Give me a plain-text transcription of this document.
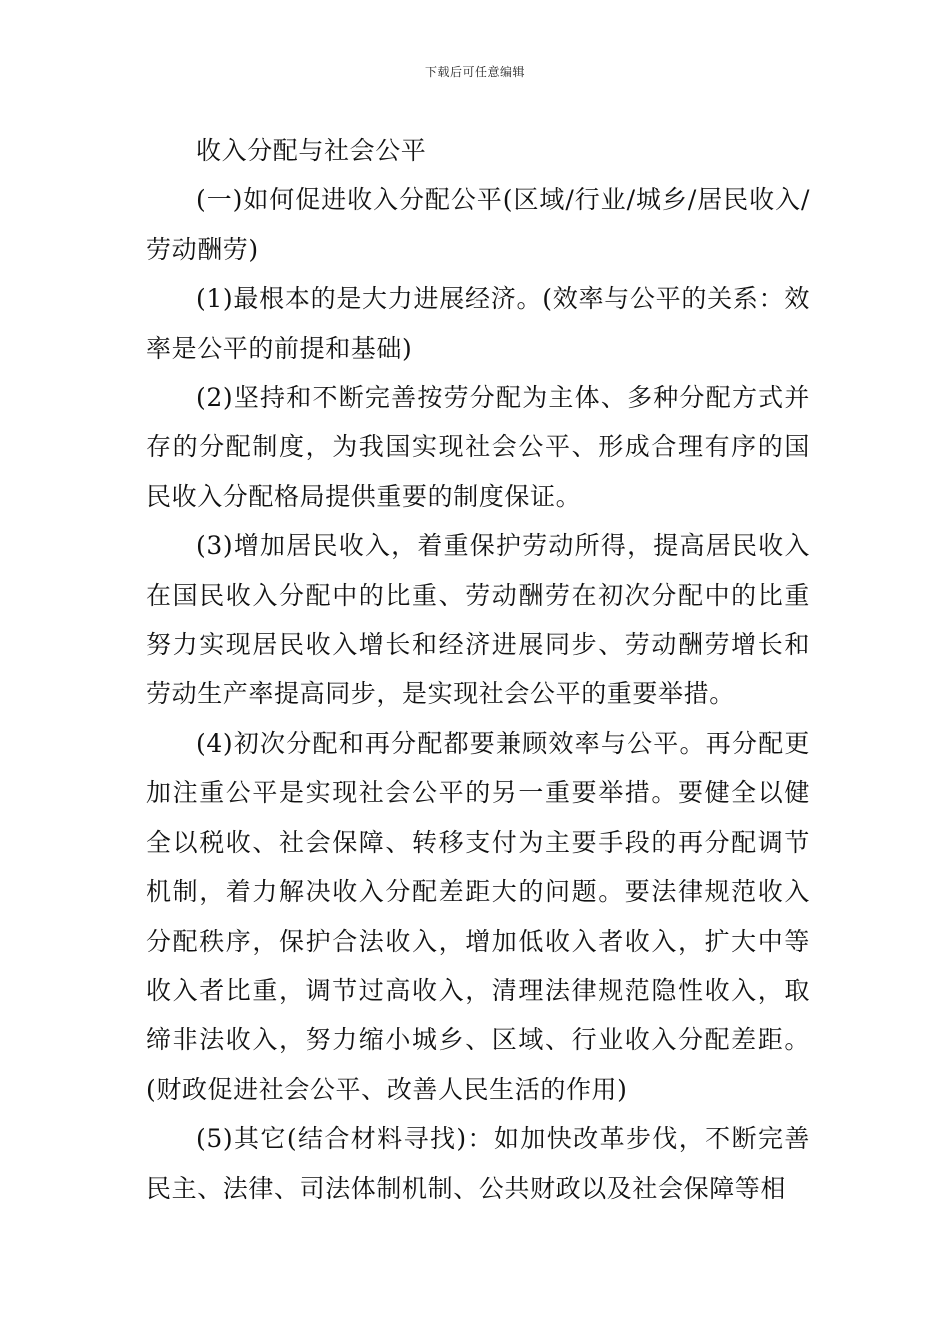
下载后可任意编辑

收入分配与社会公平

(一)如何促进收入分配公平(区域/行业/城乡/居民收入/劳动酬劳)

(1)最根本的是大力进展经济。(效率与公平的关系：效率是公平的前提和基础)

(2)坚持和不断完善按劳分配为主体、多种分配方式并存的分配制度，为我国实现社会公平、形成合理有序的国民收入分配格局提供重要的制度保证。

(3)增加居民收入，着重保护劳动所得，提高居民收入在国民收入分配中的比重、劳动酬劳在初次分配中的比重努力实现居民收入增长和经济进展同步、劳动酬劳增长和劳动生产率提高同步，是实现社会公平的重要举措。

(4)初次分配和再分配都要兼顾效率与公平。再分配更加注重公平是实现社会公平的另一重要举措。要健全以健全以税收、社会保障、转移支付为主要手段的再分配调节机制，着力解决收入分配差距大的问题。要法律规范收入分配秩序，保护合法收入，增加低收入者收入，扩大中等收入者比重，调节过高收入，清理法律规范隐性收入，取缔非法收入，努力缩小城乡、区域、行业收入分配差距。(财政促进社会公平、改善人民生活的作用)

(5)其它(结合材料寻找)：如加快改革步伐，不断完善民主、法律、司法体制机制、公共财政以及社会保障等相
